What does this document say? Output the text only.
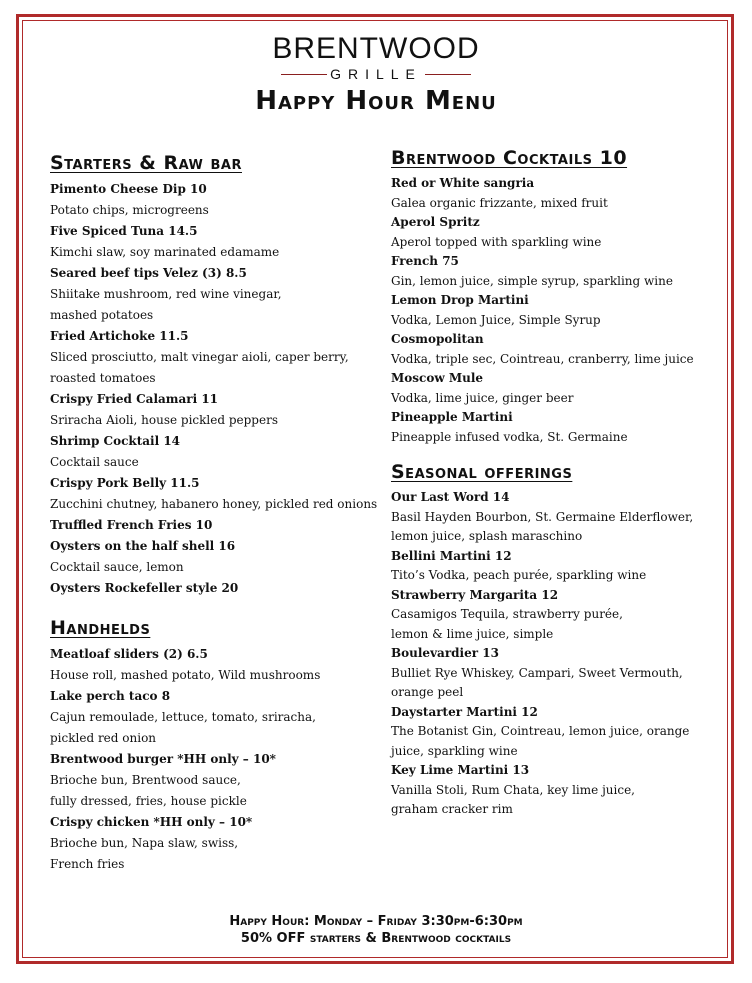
BRENTWOOD
GRILLE
Happy Hour Menu
Starters & Raw bar
Pimento Cheese Dip 10
Potato chips, microgreens
Five Spiced Tuna 14.5
Kimchi slaw, soy marinated edamame
Seared beef tips Velez (3) 8.5
Shiitake mushroom, red wine vinegar,
mashed potatoes
Fried Artichoke 11.5
Sliced prosciutto, malt vinegar aioli, caper berry,
roasted tomatoes
Crispy Fried Calamari 11
Sriracha Aioli, house pickled peppers
Shrimp Cocktail 14
Cocktail sauce
Crispy Pork Belly 11.5
Zucchini chutney, habanero honey, pickled red onions
Truffled French Fries 10
Oysters on the half shell 16
Cocktail sauce, lemon
Oysters Rockefeller style 20
Handhelds
Meatloaf sliders (2) 6.5
House roll, mashed potato, Wild mushrooms
Lake perch taco 8
Cajun remoulade, lettuce, tomato, sriracha,
pickled red onion
Brentwood burger *HH only – 10*
Brioche bun, Brentwood sauce,
fully dressed, fries, house pickle
Crispy chicken *HH only – 10*
Brioche bun, Napa slaw, swiss,
French fries
Brentwood Cocktails 10
Red or White sangria
Galea organic frizzante, mixed fruit
Aperol Spritz
Aperol topped with sparkling wine
French 75
Gin, lemon juice, simple syrup, sparkling wine
Lemon Drop Martini
Vodka, Lemon Juice, Simple Syrup
Cosmopolitan
Vodka, triple sec, Cointreau, cranberry, lime juice
Moscow Mule
Vodka, lime juice, ginger beer
Pineapple Martini
Pineapple infused vodka, St. Germaine
Seasonal offerings
Our Last Word 14
Basil Hayden Bourbon, St. Germaine Elderflower,
lemon juice, splash maraschino
Bellini Martini 12
Tito’s Vodka, peach purée, sparkling wine
Strawberry Margarita 12
Casamigos Tequila, strawberry purée,
lemon & lime juice, simple
Boulevardier 13
Bulliet Rye Whiskey, Campari, Sweet Vermouth,
orange peel
Daystarter Martini 12
The Botanist Gin, Cointreau, lemon juice, orange
juice, sparkling wine
Key Lime Martini 13
Vanilla Stoli, Rum Chata, key lime juice,
graham cracker rim
Happy Hour: Monday – Friday 3:30pm-6:30pm
50% OFF starters & Brentwood cocktails
